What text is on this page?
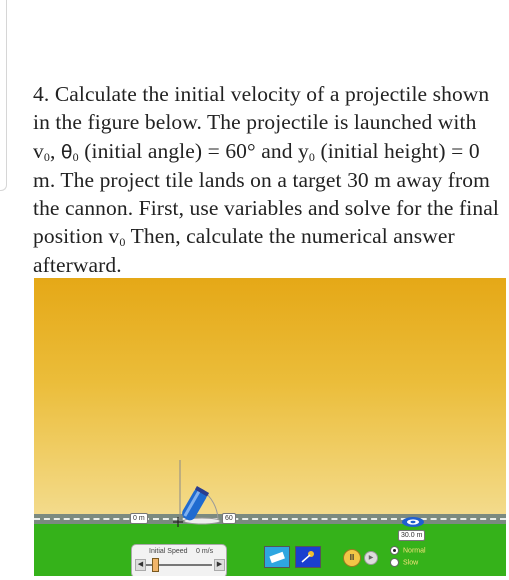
4. Calculate the initial velocity of a projectile shown in the figure below. The projectile is launched with $v_0$, $\theta_0$ (initial angle) = 60° and $y_0$ (initial height) = 0 m. The project tile lands on a target 30 m away from the cannon. First, use variables and solve for the final position $v_0$ Then, calculate the numerical answer afterward.
0 m	60
30.0 m
Initial Speed 0 m/s
◀	▶
II	▶
Normal
Slow
